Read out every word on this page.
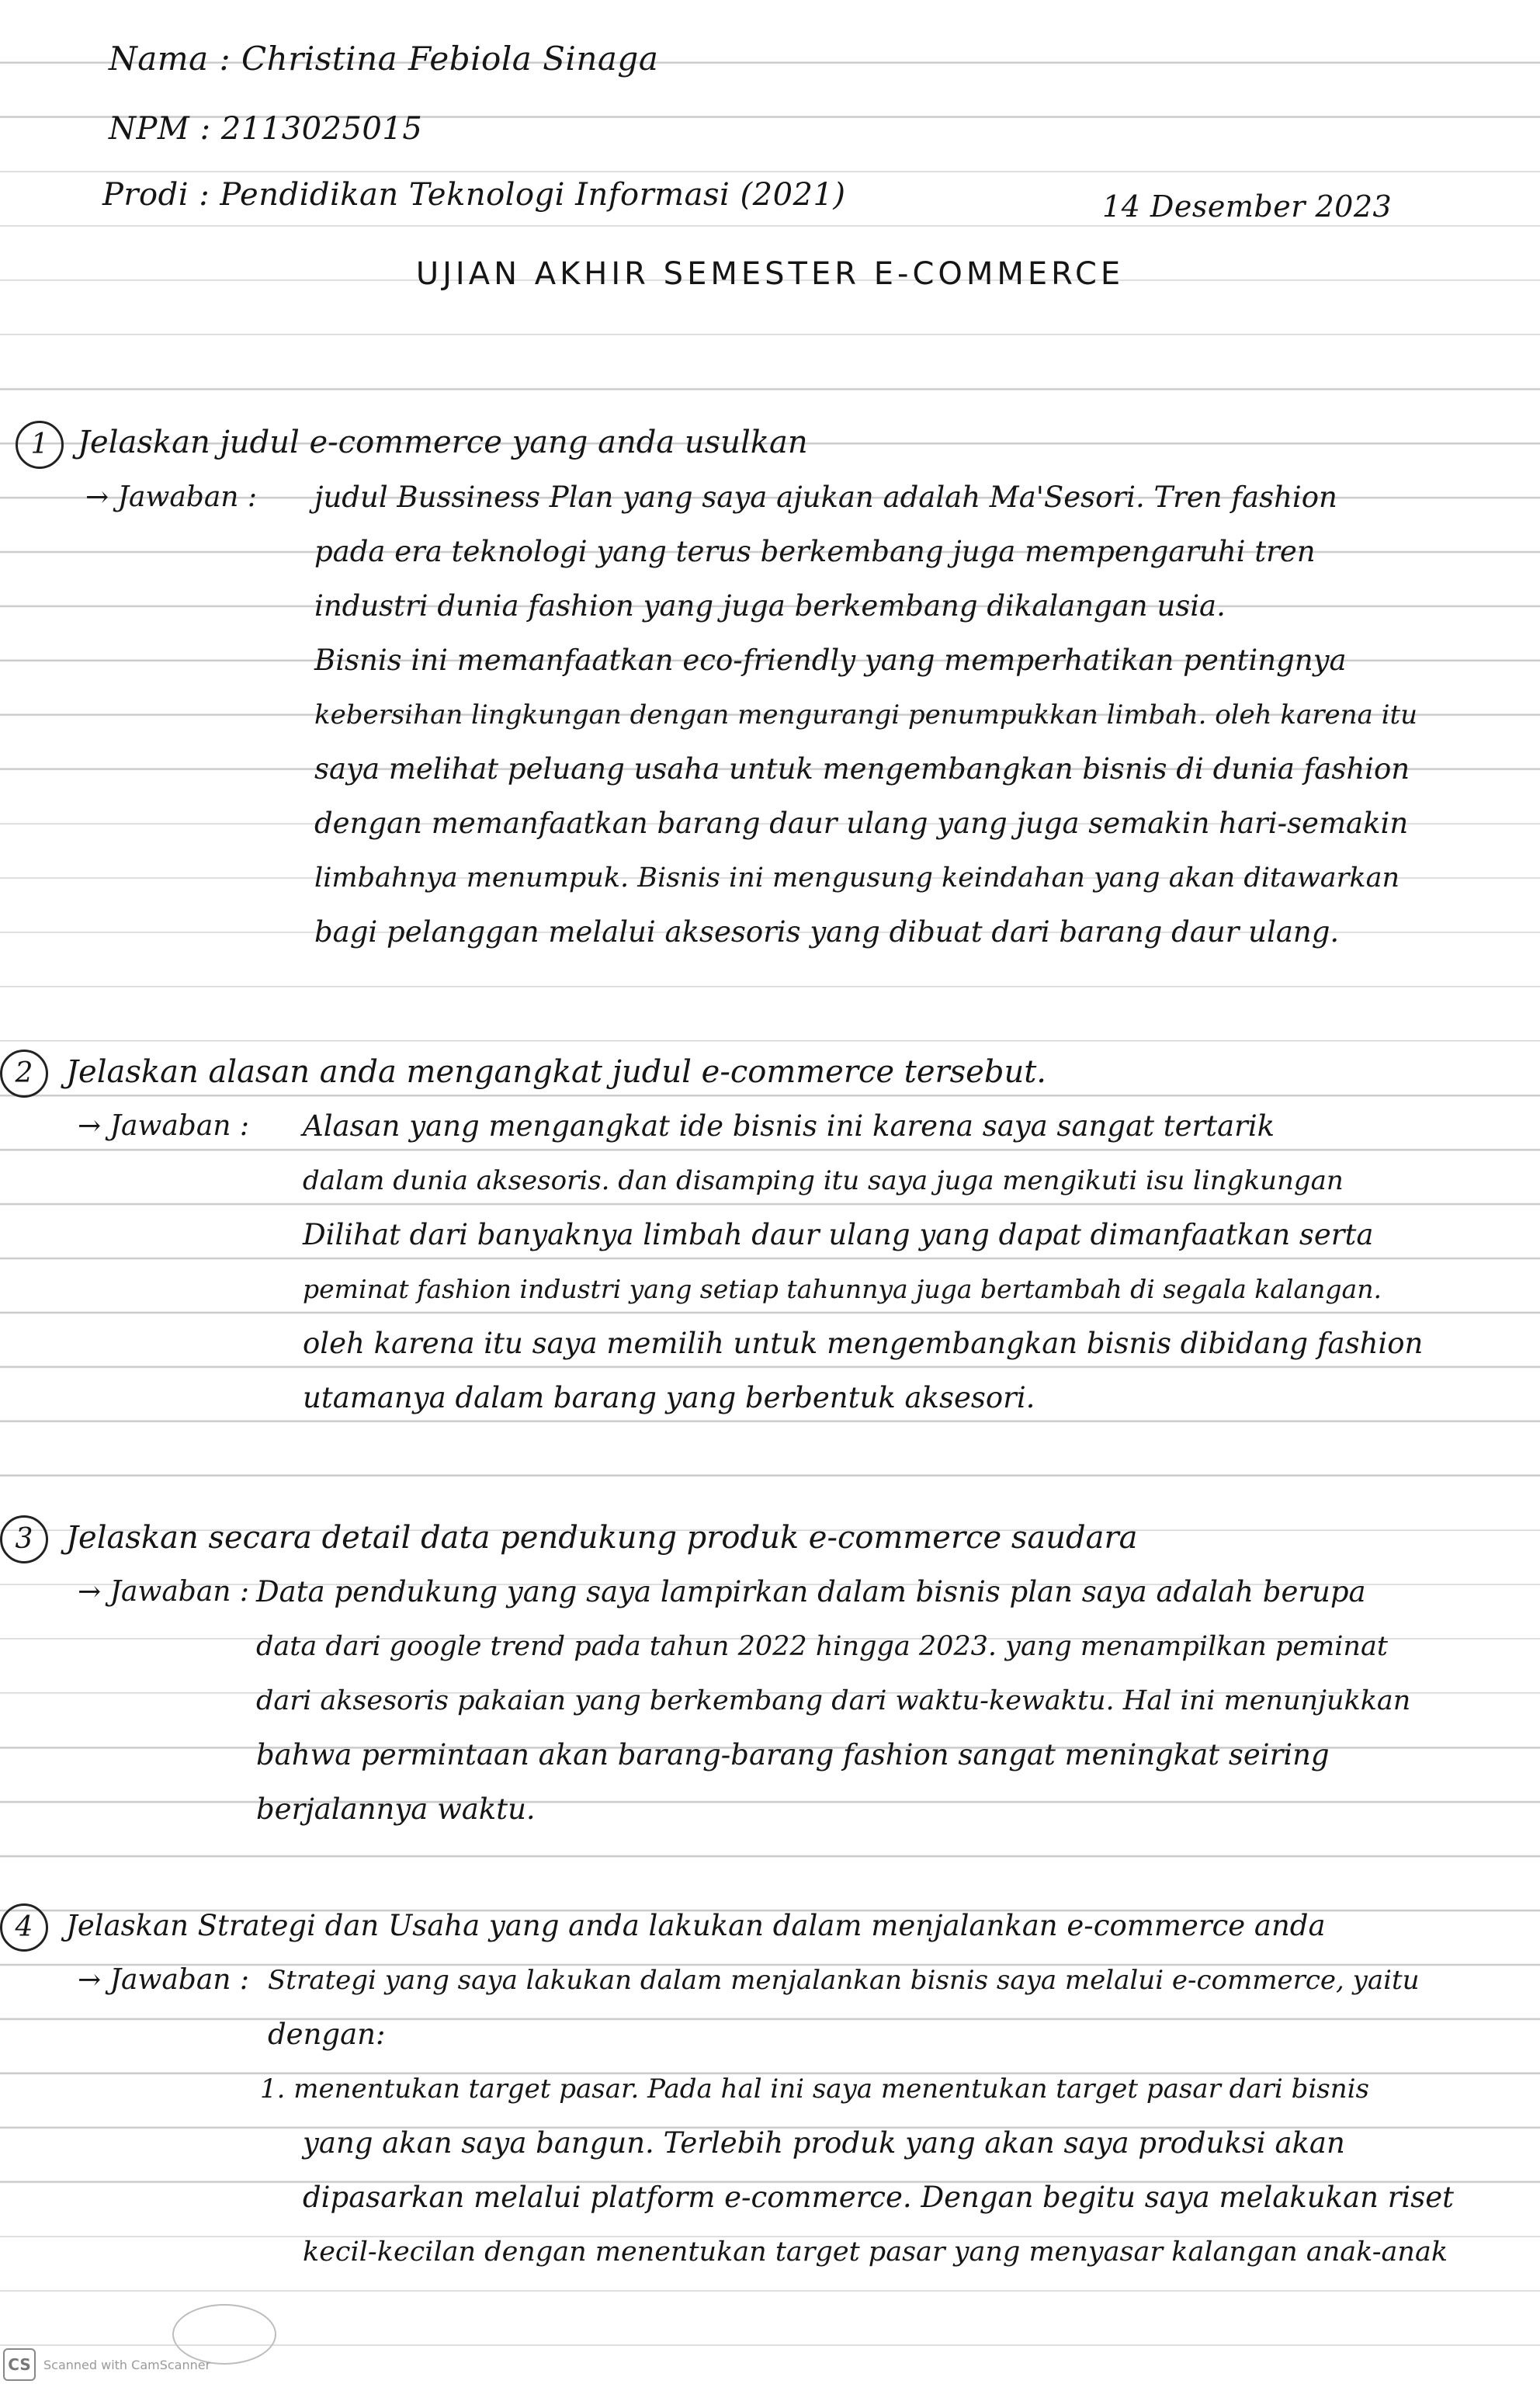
Nama : Christina Febiola Sinaga
NPM : 2113025015
Prodi : Pendidikan Teknologi Informasi (2021)	14 Desember 2023
UJIAN AKHIR SEMESTER E-COMMERCE
1 Jelaskan judul e-commerce yang anda usulkan
→ Jawaban : judul Bussiness Plan yang saya ajukan adalah Ma'Sesori. Tren fashion
pada era teknologi yang terus berkembang juga mempengaruhi tren
industri dunia fashion yang juga berkembang dikalangan usia.
Bisnis ini memanfaatkan eco-friendly yang memperhatikan pentingnya
kebersihan lingkungan dengan mengurangi penumpukkan limbah. oleh karena itu
saya melihat peluang usaha untuk mengembangkan bisnis di dunia fashion
dengan memanfaatkan barang daur ulang yang juga semakin hari-semakin
limbahnya menumpuk. Bisnis ini mengusung keindahan yang akan ditawarkan
bagi pelanggan melalui aksesoris yang dibuat dari barang daur ulang.
2	Jelaskan alasan anda mengangkat judul e-commerce tersebut.
→ Jawaban : Alasan yang mengangkat ide bisnis ini karena saya sangat tertarik
dalam dunia aksesoris. dan disamping itu saya juga mengikuti isu lingkungan
Dilihat dari banyaknya limbah daur ulang yang dapat dimanfaatkan serta
peminat fashion industri yang setiap tahunnya juga bertambah di segala kalangan.
oleh karena itu saya memilih untuk mengembangkan bisnis dibidang fashion
utamanya dalam barang yang berbentuk aksesori.
3	Jelaskan secara detail data pendukung produk e-commerce saudara
→ Jawaban : Data pendukung yang saya lampirkan dalam bisnis plan saya adalah berupa
data dari google trend pada tahun 2022 hingga 2023. yang menampilkan peminat
dari aksesoris pakaian yang berkembang dari waktu-kewaktu. Hal ini menunjukkan
bahwa permintaan akan barang-barang fashion sangat meningkat seiring
berjalannya waktu.
4	Jelaskan Strategi dan Usaha yang anda lakukan dalam menjalankan e-commerce anda
→ Jawaban : Strategi yang saya lakukan dalam menjalankan bisnis saya melalui e-commerce, yaitu
dengan:
1. menentukan target pasar. Pada hal ini saya menentukan target pasar dari bisnis
yang akan saya bangun. Terlebih produk yang akan saya produksi akan
dipasarkan melalui platform e-commerce. Dengan begitu saya melakukan riset
kecil-kecilan dengan menentukan target pasar yang menyasar kalangan anak-anak
CS	Scanned with CamScanner
